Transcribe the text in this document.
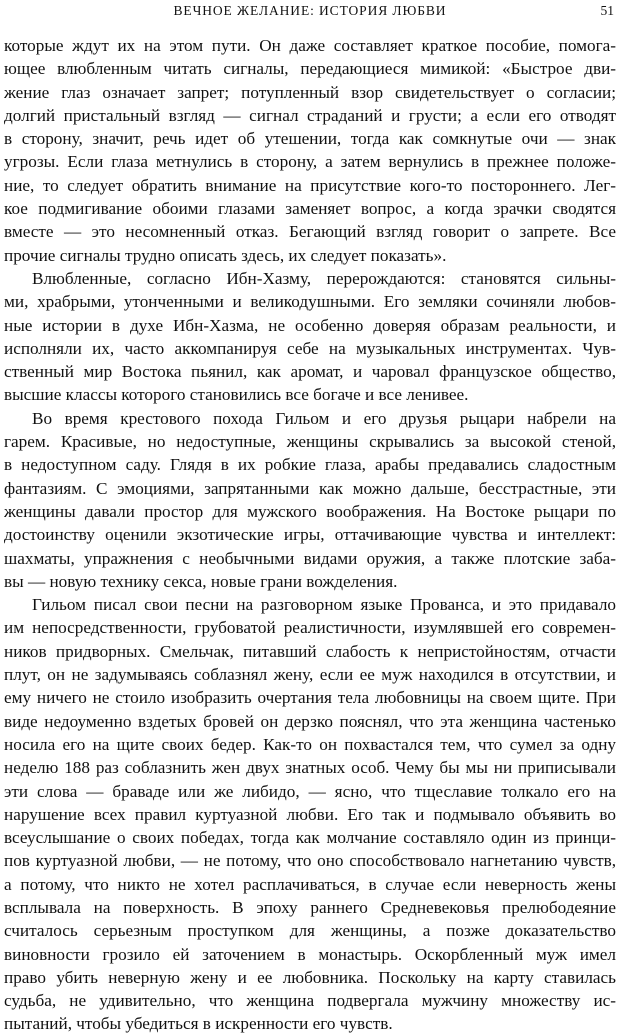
ВЕЧНОЕ ЖЕЛАНИЕ: ИСТОРИЯ ЛЮБВИ	51
которые ждут их на этом пути. Он даже составляет краткое пособие, помога-
ющее влюбленным читать сигналы, передающиеся мимикой: «Быстрое дви-
жение глаз означает запрет; потупленный взор свидетельствует о согласии;
долгий пристальный взгляд — сигнал страданий и грусти; а если его отводят
в сторону, значит, речь идет об утешении, тогда как сомкнутые очи — знак
угрозы. Если глаза метнулись в сторону, а затем вернулись в прежнее положе-
ние, то следует обратить внимание на присутствие кого-то постороннего. Лег-
кое подмигивание обоими глазами заменяет вопрос, а когда зрачки сводятся
вместе — это несомненный отказ. Бегающий взгляд говорит о запрете. Все
прочие сигналы трудно описать здесь, их следует показать».
Влюбленные, согласно Ибн-Хазму, перерождаются: становятся сильны-
ми, храбрыми, утонченными и великодушными. Его земляки сочиняли любов-
ные истории в духе Ибн-Хазма, не особенно доверяя образам реальности, и
исполняли их, часто аккомпанируя себе на музыкальных инструментах. Чув-
ственный мир Востока пьянил, как аромат, и чаровал французское общество,
высшие классы которого становились все богаче и все ленивее.
Во время крестового похода Гильом и его друзья рыцари набрели на
гарем. Красивые, но недоступные, женщины скрывались за высокой стеной,
в недоступном саду. Глядя в их робкие глаза, арабы предавались сладостным
фантазиям. С эмоциями, запрятанными как можно дальше, бесстрастные, эти
женщины давали простор для мужского воображения. На Востоке рыцари по
достоинству оценили экзотические игры, оттачивающие чувства и интеллект:
шахматы, упражнения с необычными видами оружия, а также плотские заба-
вы — новую технику секса, новые грани вожделения.
Гильом писал свои песни на разговорном языке Прованса, и это придавало
им непосредственности, грубоватой реалистичности, изумлявшей его современ-
ников придворных. Смельчак, питавший слабость к непристойностям, отчасти
плут, он не задумываясь соблазнял жену, если ее муж находился в отсутствии, и
ему ничего не стоило изобразить очертания тела любовницы на своем щите. При
виде недоуменно вздетых бровей он дерзко пояснял, что эта женщина частенько
носила его на щите своих бедер. Как-то он похвастался тем, что сумел за одну
неделю 188 раз соблазнить жен двух знатных особ. Чему бы мы ни приписывали
эти слова — браваде или же либидо, — ясно, что тщеславие толкало его на
нарушение всех правил куртуазной любви. Его так и подмывало объявить во
всеуслышание о своих победах, тогда как молчание составляло один из принци-
пов куртуазной любви, — не потому, что оно способствовало нагнетанию чувств,
а потому, что никто не хотел расплачиваться, в случае если неверность жены
всплывала на поверхность. В эпоху раннего Средневековья прелюбодеяние
считалось серьезным проступком для женщины, а позже доказательство
виновности грозило ей заточением в монастырь. Оскорбленный муж имел
право убить неверную жену и ее любовника. Поскольку на карту ставилась
судьба, не удивительно, что женщина подвергала мужчину множеству ис-
пытаний, чтобы убедиться в искренности его чувств.
